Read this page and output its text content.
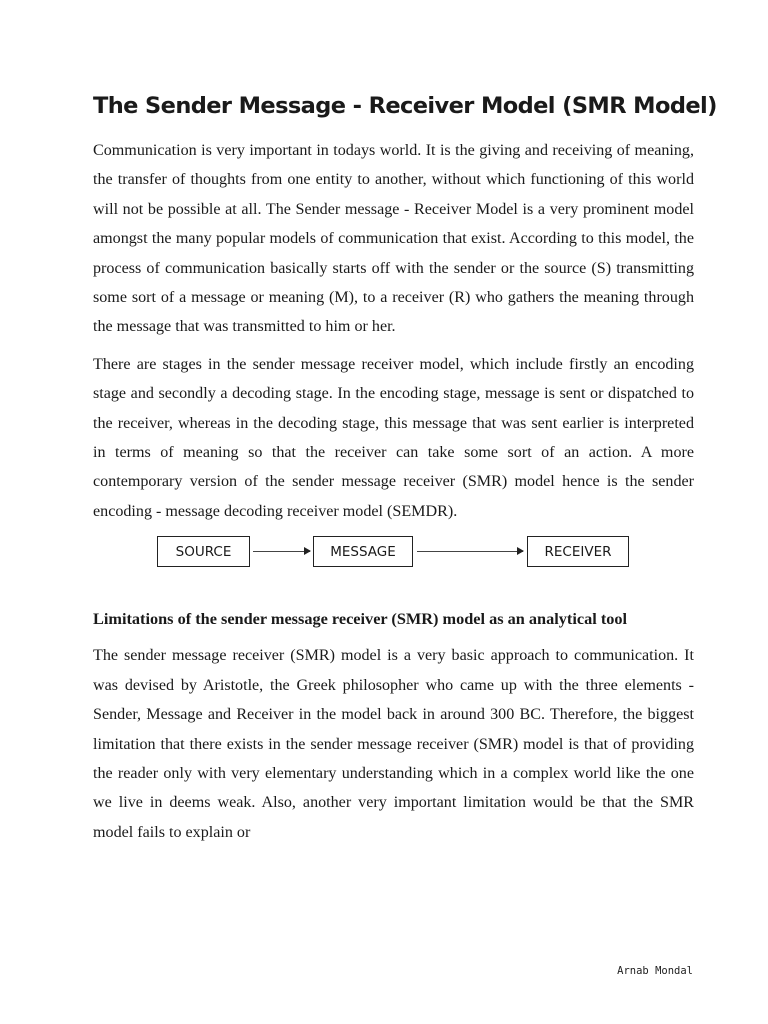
The Sender Message - Receiver Model (SMR Model)

Communication is very important in todays world. It is the giving and receiving of meaning, the transfer of thoughts from one entity to another, without which functioning of this world will not be possible at all. The Sender message - Receiver Model is a very prominent model amongst the many popular models of communication that exist. According to this model, the process of communication basically starts off with the sender or the source (S) transmitting some sort of a message or meaning (M), to a receiver (R) who gathers the meaning through the message that was transmitted to him or her.

There are stages in the sender message receiver model, which include firstly an encoding stage and secondly a decoding stage. In the encoding stage, message is sent or dispatched to the receiver, whereas in the decoding stage, this message that was sent earlier is interpreted in terms of meaning so that the receiver can take some sort of an action. A more contemporary version of the sender message receiver (SMR) model hence is the sender encoding - message decoding receiver model (SEMDR).

SOURCE	MESSAGE	RECEIVER
Limitations of the sender message receiver (SMR) model as an analytical tool

The sender message receiver (SMR) model is a very basic approach to communication. It was devised by Aristotle, the Greek philosopher who came up with the three elements - Sender, Message and Receiver in the model back in around 300 BC. Therefore, the biggest limitation that there exists in the sender message receiver (SMR) model is that of providing the reader only with very elementary understanding which in a complex world like the one we live in deems weak. Also, another very important limitation would be that the SMR model fails to explain or

Arnab Mondal
